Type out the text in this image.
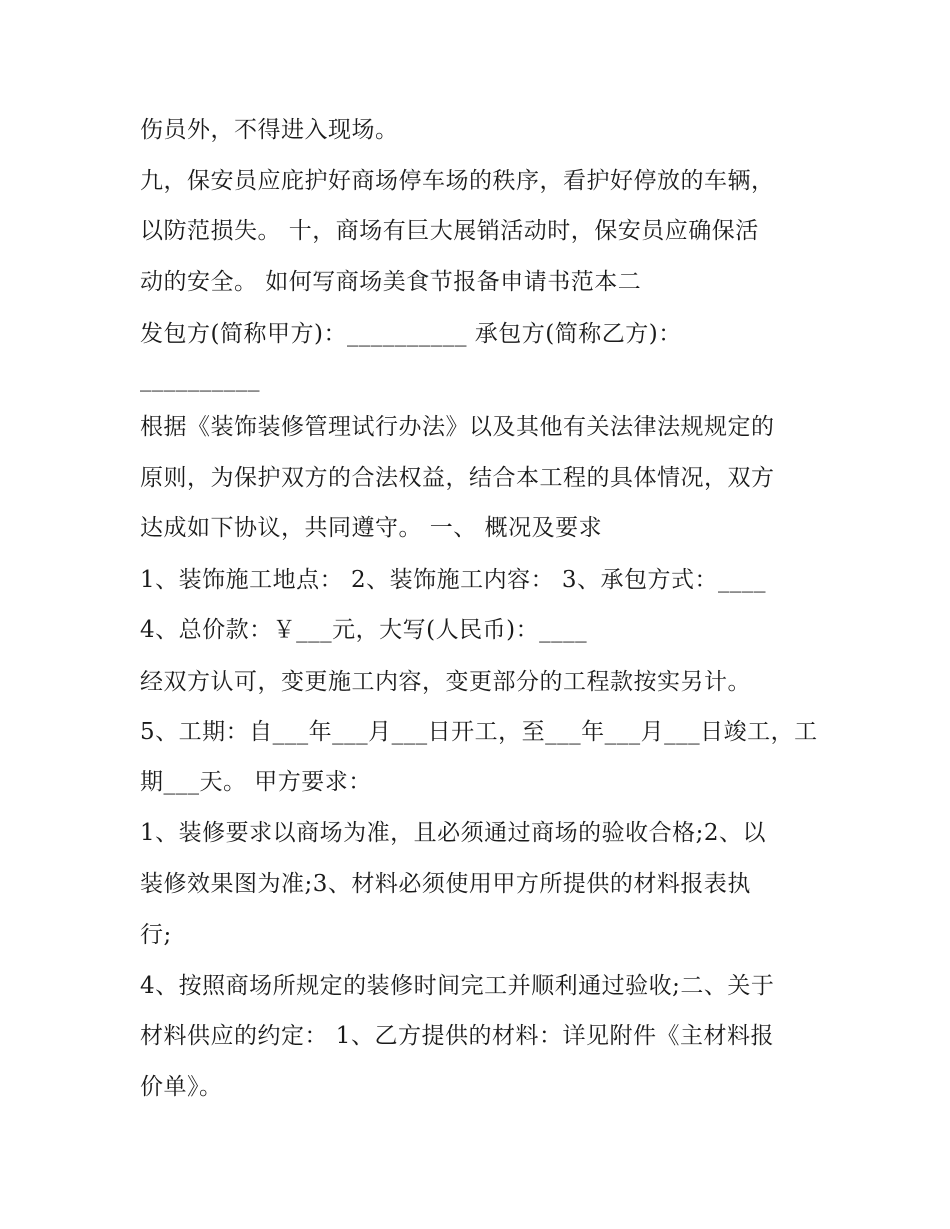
伤员外，不得进入现场。
九，保安员应庇护好商场停车场的秩序，看护好停放的车辆，
以防范损失。 十，商场有巨大展销活动时，保安员应确保活
动的安全。 如何写商场美食节报备申请书范本二
发包方(简称甲方)：__________ 承包方(简称乙方)：
__________
根据《装饰装修管理试行办法》以及其他有关法律法规规定的
原则，为保护双方的合法权益，结合本工程的具体情况，双方
达成如下协议，共同遵守。 一、 概况及要求
1、装饰施工地点： 2、装饰施工内容： 3、承包方式：____
4、总价款：￥___元，大写(人民币)：____
经双方认可，变更施工内容，变更部分的工程款按实另计。
5、工期：自___年___月___日开工，至___年___月___日竣工，工
期___天。 甲方要求：
1、装修要求以商场为准，且必须通过商场的验收合格;2、以
装修效果图为准;3、材料必须使用甲方所提供的材料报表执
行;
4、按照商场所规定的装修时间完工并顺利通过验收;二、关于
材料供应的约定： 1、乙方提供的材料：详见附件《主材料报
价单》。
